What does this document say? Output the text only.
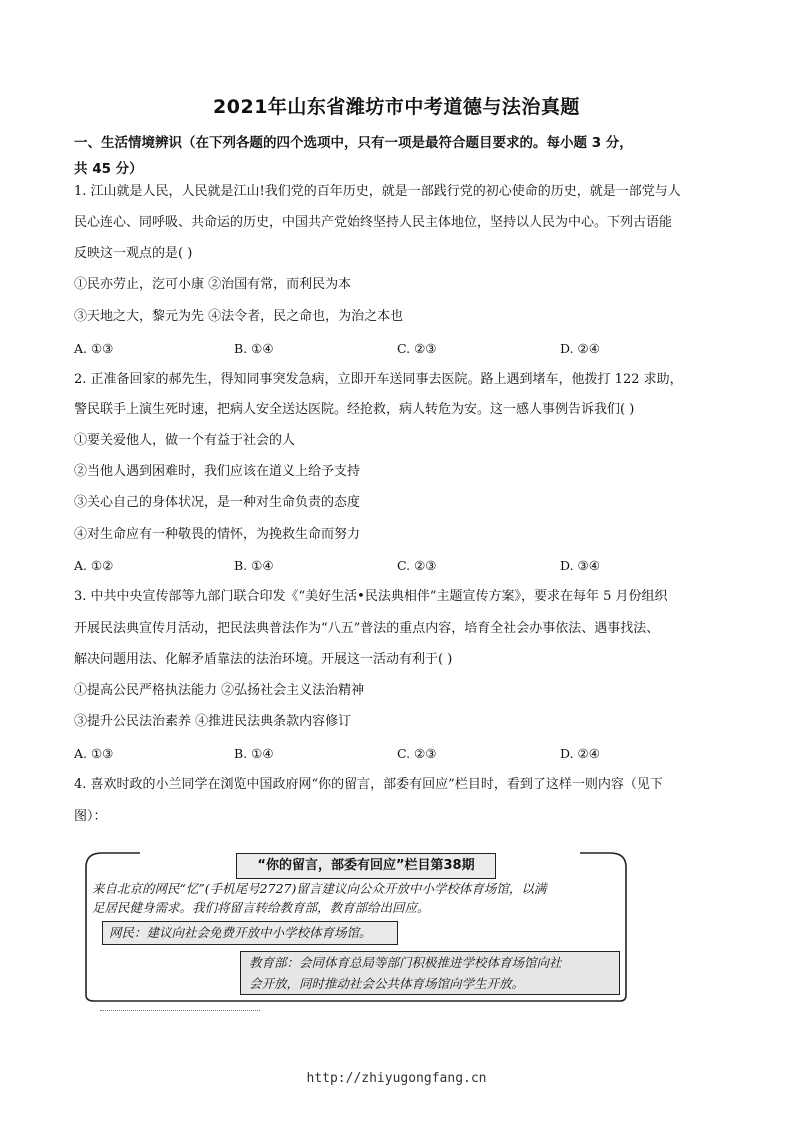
2021年山东省潍坊市中考道德与法治真题
一、生活情境辨识（在下列各题的四个选项中，只有一项是最符合题目要求的。每小题 3 分，
共 45 分）
1. 江山就是人民，人民就是江山!我们党的百年历史，就是一部践行党的初心使命的历史，就是一部党与人
民心连心、同呼吸、共命运的历史，中国共产党始终坚持人民主体地位，坚持以人民为中心。下列古语能
反映这一观点的是( )
①民亦劳止，汔可小康 ②治国有常，而利民为本
③天地之大，黎元为先 ④法令者，民之命也，为治之本也
A. ①③	B. ①④	C. ②③	D. ②④
2. 正准备回家的郝先生，得知同事突发急病，立即开车送同事去医院。路上遇到堵车，他拨打 122 求助，
警民联手上演生死时速，把病人安全送达医院。经抢救，病人转危为安。这一感人事例告诉我们( )
①要关爱他人，做一个有益于社会的人
②当他人遇到困难时，我们应该在道义上给予支持
③关心自己的身体状况，是一种对生命负责的态度
④对生命应有一种敬畏的情怀，为挽救生命而努力
A. ①②	B. ①④	C. ②③	D. ③④
3. 中共中央宣传部等九部门联合印发《“美好生活•民法典相伴”主题宣传方案》，要求在每年 5 月份组织
开展民法典宣传月活动，把民法典普法作为“八五”普法的重点内容，培育全社会办事依法、遇事找法、
解决问题用法、化解矛盾靠法的法治环境。开展这一活动有利于( )
①提高公民严格执法能力 ②弘扬社会主义法治精神
③提升公民法治素养 ④推进民法典条款内容修订
A. ①③	B. ①④	C. ②③	D. ②④
4. 喜欢时政的小兰同学在浏览中国政府网“你的留言，部委有回应”栏目时，看到了这样一则内容（见下
图）：
“你的留言，部委有回应”栏目第38期
来自北京的网民“忆”(手机尾号2727)留言建议向公众开放中小学校体育场馆，以满
足居民健身需求。我们将留言转给教育部，教育部给出回应。
网民：建议向社会免费开放中小学校体育场馆。
教育部：会同体育总局等部门积极推进学校体育场馆向社
会开放，同时推动社会公共体育场馆向学生开放。
http://zhiyugongfang.cn
